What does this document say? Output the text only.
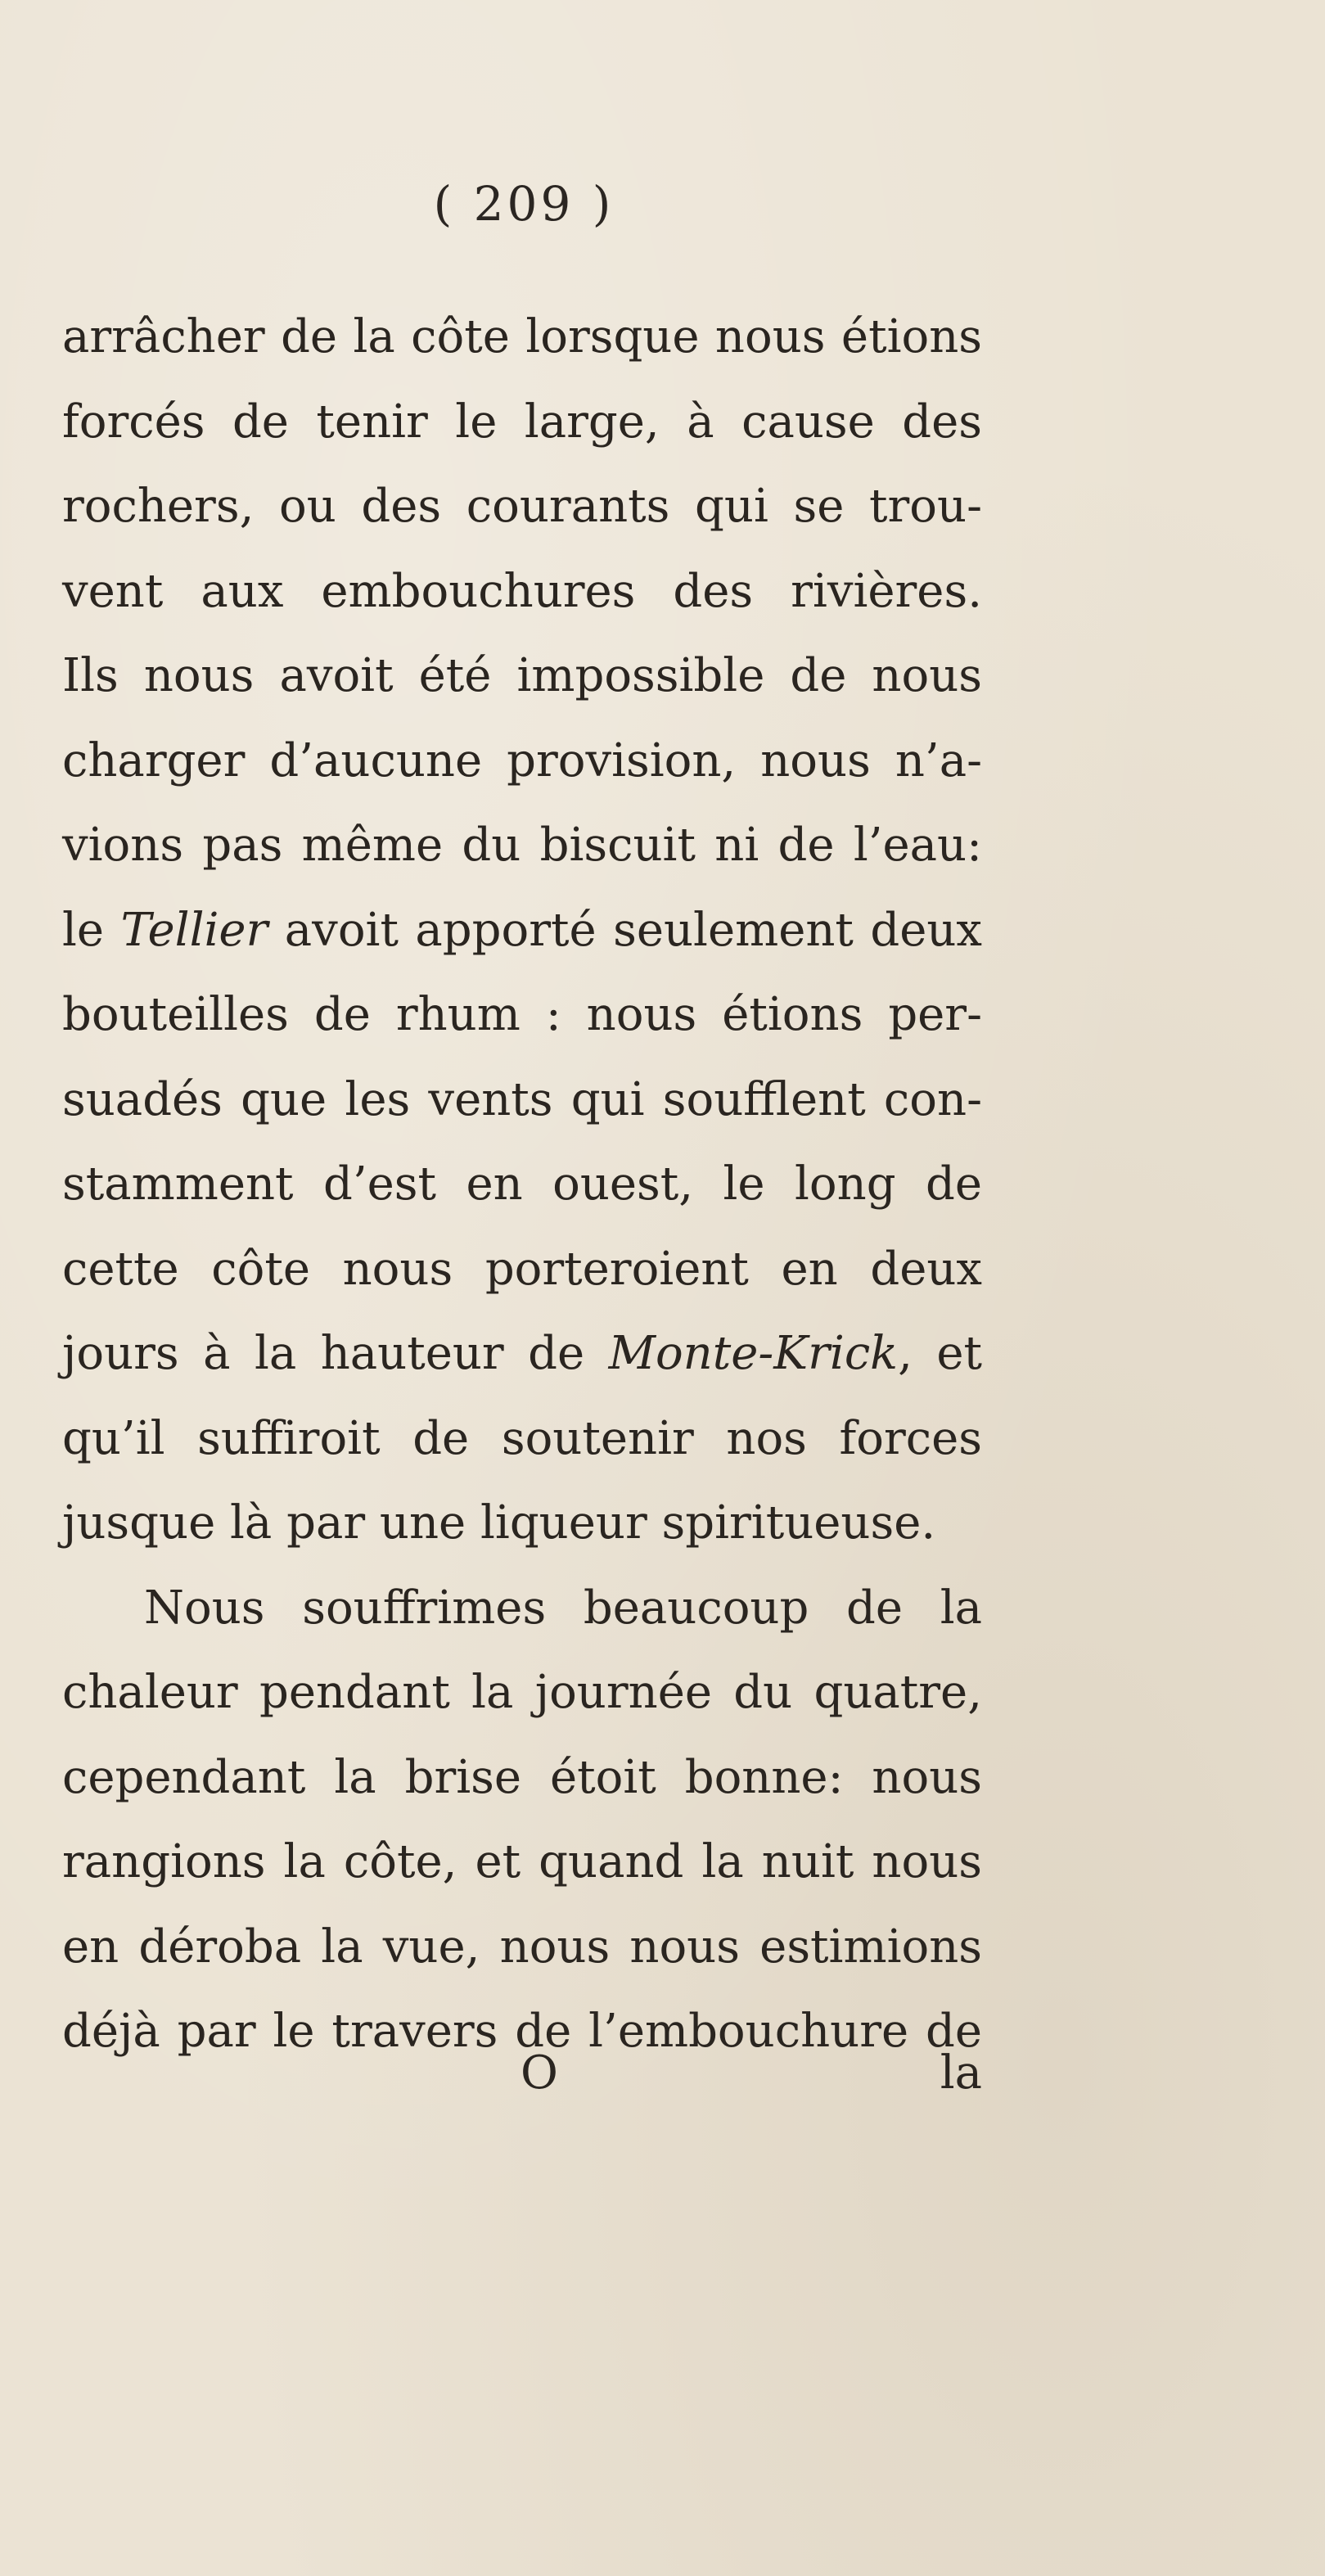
( 209 )
arrâcher de la côte lorsque nous étions
forcés de tenir le large, à cause des
rochers, ou des courants qui se trou-
vent aux embouchures des rivières.
Ils nous avoit été impossible de nous
charger d’aucune provision, nous n’a-
vions pas même du biscuit ni de l’eau:
le Tellier avoit apporté seulement deux
bouteilles de rhum : nous étions per-
suadés que les vents qui soufflent con-
stamment d’est en ouest, le long de
cette côte nous porteroient en deux
jours à la hauteur de Monte-Krick, et
qu’il suffiroit de soutenir nos forces
jusque là par une liqueur spiritueuse.
Nous souffrimes beaucoup de la
chaleur pendant la journée du quatre,
cependant la brise étoit bonne: nous
rangions la côte, et quand la nuit nous
en déroba la vue, nous nous estimions
déjà par le travers de l’embouchure de
O	la
